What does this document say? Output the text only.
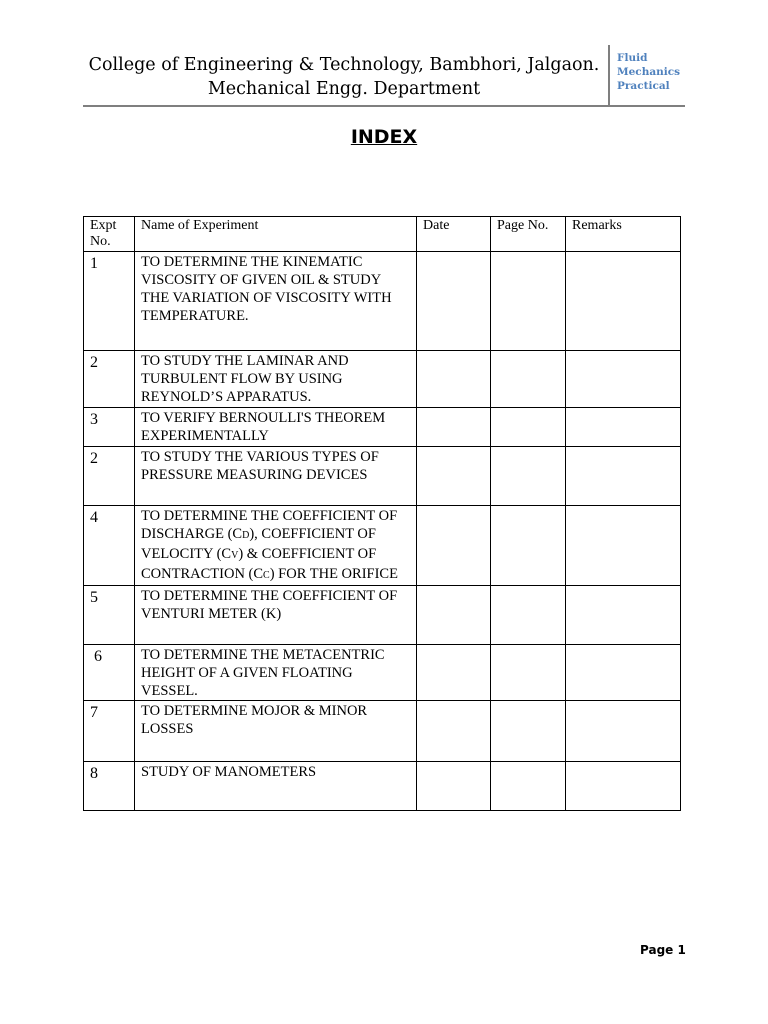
College of Engineering & Technology, Bambhori, Jalgaon.
Mechanical Engg. Department
Fluid
Mechanics
Practical
INDEX
Expt
No.	Name of Experiment	Date	Page No.	Remarks
1	TO DETERMINE THE KINEMATIC
VISCOSITY OF GIVEN OIL & STUDY
THE VARIATION OF VISCOSITY WITH
TEMPERATURE.			

2	TO STUDY THE LAMINAR AND
TURBULENT FLOW BY USING
REYNOLD’S APPARATUS.			

3	TO VERIFY BERNOULLI'S THEOREM
EXPERIMENTALLY			

2	TO STUDY THE VARIOUS TYPES OF
PRESSURE MEASURING DEVICES			

4	TO DETERMINE THE COEFFICIENT OF
DISCHARGE (CD), COEFFICIENT OF
VELOCITY (CV) & COEFFICIENT OF
CONTRACTION (CC) FOR THE ORIFICE			

5	TO DETERMINE THE COEFFICIENT OF
VENTURI METER (K)			

6	TO DETERMINE THE METACENTRIC
HEIGHT OF A GIVEN FLOATING
VESSEL.			

7	TO DETERMINE MOJOR & MINOR
LOSSES			

8	STUDY OF MANOMETERS			

Page 1
